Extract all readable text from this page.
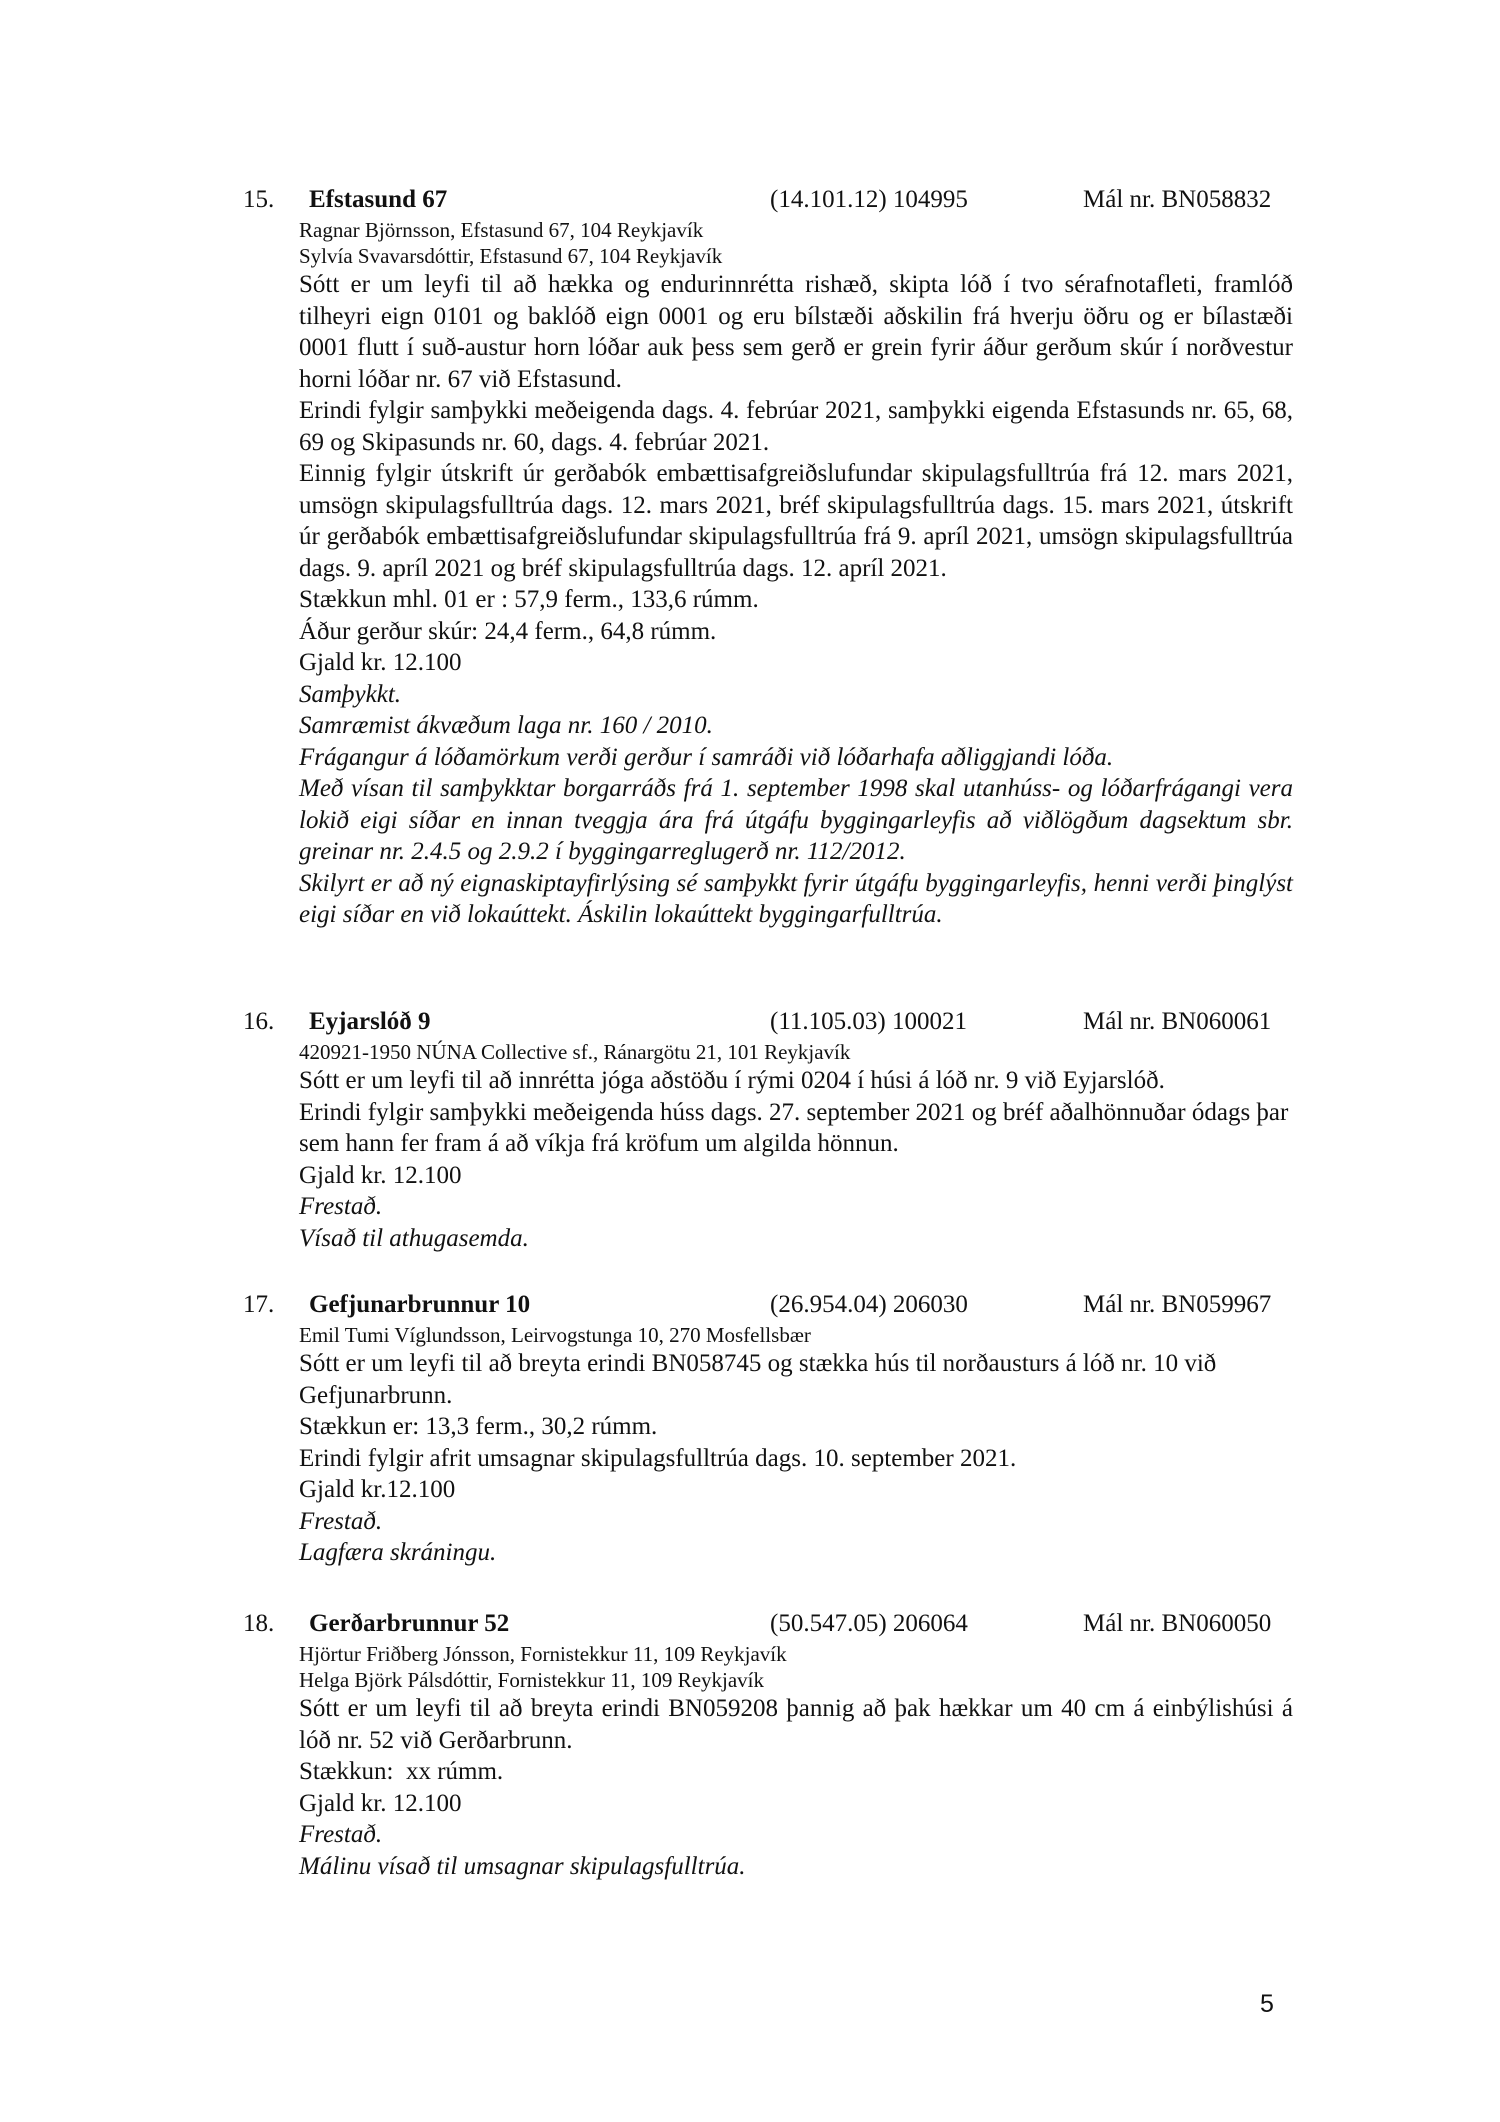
15. Efstasund 67	(14.101.12) 104995	Mál nr. BN058832
Ragnar Björnsson, Efstasund 67, 104 Reykjavík
Sylvía Svavarsdóttir, Efstasund 67, 104 Reykjavík
Sótt er um leyfi til að hækka og endurinnrétta rishæð, skipta lóð í tvo sérafnotafleti, framlóð tilheyri eign 0101 og baklóð eign 0001 og eru bílstæði aðskilin frá hverju öðru og er bílastæði 0001 flutt í suð-austur horn lóðar auk þess sem gerð er grein fyrir áður gerðum skúr í norðvestur horni lóðar nr. 67 við Efstasund.
Erindi fylgir samþykki meðeigenda dags. 4. febrúar 2021, samþykki eigenda Efstasunds nr. 65, 68, 69 og Skipasunds nr. 60, dags. 4. febrúar 2021.
Einnig fylgir útskrift úr gerðabók embættisafgreiðslufundar skipulagsfulltrúa frá 12. mars 2021, umsögn skipulagsfulltrúa dags. 12. mars 2021, bréf skipulagsfulltrúa dags. 15. mars 2021, útskrift úr gerðabók embættisafgreiðslufundar skipulagsfulltrúa frá 9. apríl 2021, umsögn skipulagsfulltrúa dags. 9. apríl 2021 og bréf skipulagsfulltrúa dags. 12. apríl 2021.
Stækkun mhl. 01 er : 57,9 ferm., 133,6 rúmm.
Áður gerður skúr: 24,4 ferm., 64,8 rúmm.
Gjald kr. 12.100
Samþykkt.
Samræmist ákvæðum laga nr. 160 / 2010.
Frágangur á lóðamörkum verði gerður í samráði við lóðarhafa aðliggjandi lóða.
Með vísan til samþykktar borgarráðs frá 1. september 1998 skal utanhúss- og lóðarfrágangi vera lokið eigi síðar en innan tveggja ára frá útgáfu byggingarleyfis að viðlögðum dagsektum sbr. greinar nr. 2.4.5 og 2.9.2 í byggingarreglugerð nr. 112/2012.
Skilyrt er að ný eignaskiptayfirlýsing sé samþykkt fyrir útgáfu byggingarleyfis, henni verði þinglýst eigi síðar en við lokaúttekt. Áskilin lokaúttekt byggingarfulltrúa.
16. Eyjarslóð 9	(11.105.03) 100021	Mál nr. BN060061
420921-1950 NÚNA Collective sf., Ránargötu 21, 101 Reykjavík
Sótt er um leyfi til að innrétta jóga aðstöðu í rými 0204 í húsi á lóð nr. 9 við Eyjarslóð.
Erindi fylgir samþykki meðeigenda húss dags. 27. september 2021 og bréf aðalhönnuðar ódags þar sem hann fer fram á að víkja frá kröfum um algilda hönnun.
Gjald kr. 12.100
Frestað.
Vísað til athugasemda.
17. Gefjunarbrunnur 10	(26.954.04) 206030	Mál nr. BN059967
Emil Tumi Víglundsson, Leirvogstunga 10, 270 Mosfellsbær
Sótt er um leyfi til að breyta erindi BN058745 og stækka hús til norðausturs á lóð nr. 10 við Gefjunarbrunn.
Stækkun er: 13,3 ferm., 30,2 rúmm.
Erindi fylgir afrit umsagnar skipulagsfulltrúa dags. 10. september 2021.
Gjald kr.12.100
Frestað.
Lagfæra skráningu.
18. Gerðarbrunnur 52	(50.547.05) 206064	Mál nr. BN060050
Hjörtur Friðberg Jónsson, Fornistekkur 11, 109 Reykjavík
Helga Björk Pálsdóttir, Fornistekkur 11, 109 Reykjavík
Sótt er um leyfi til að breyta erindi BN059208 þannig að þak hækkar um 40 cm á einbýlishúsi á lóð nr. 52 við Gerðarbrunn.
Stækkun:  xx rúmm.
Gjald kr. 12.100
Frestað.
Málinu vísað til umsagnar skipulagsfulltrúa.
5
